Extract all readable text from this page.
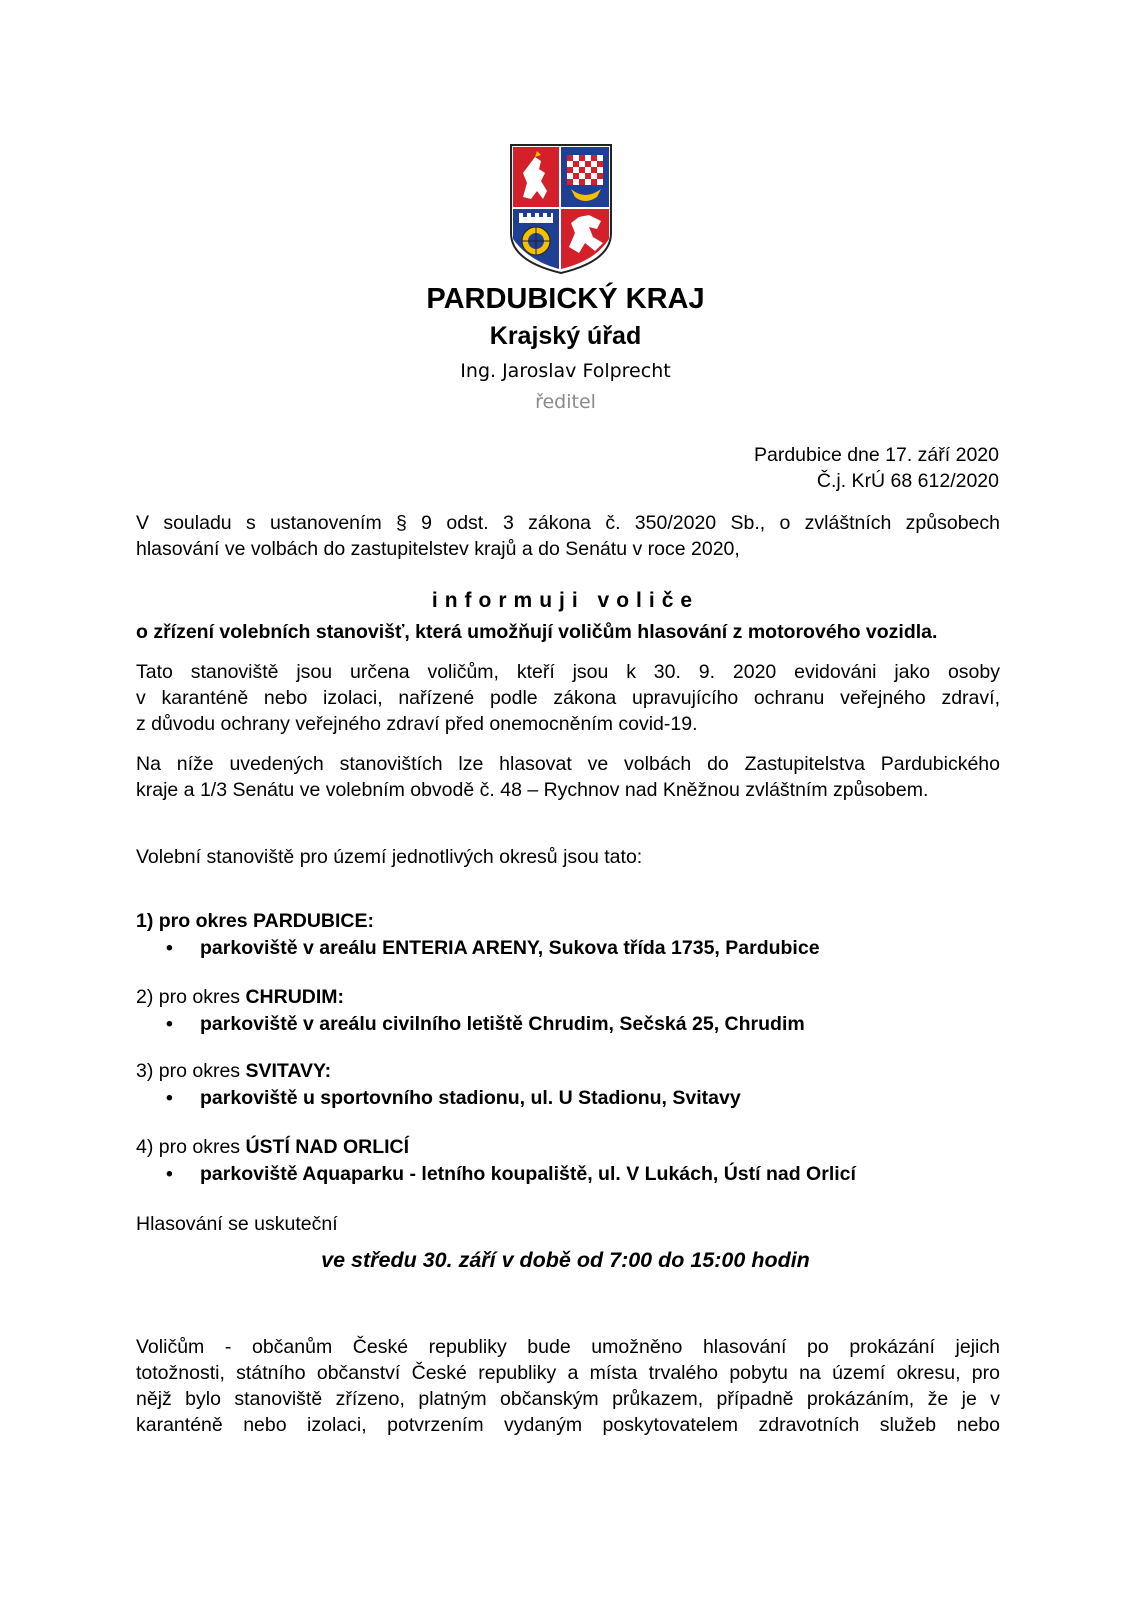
PARDUBICKÝ KRAJ
Krajský úřad
Ing. Jaroslav Folprecht
ředitel
Pardubice dne 17. září 2020
Č.j. KrÚ 68 612/2020
V souladu s ustanovením § 9 odst. 3 zákona č. 350/2020 Sb., o zvláštních způsobech
hlasování ve volbách do zastupitelstev krajů a do Senátu v roce 2020,
informuji voliče
o zřízení volebních stanovišť, která umožňují voličům hlasování z motorového vozidla.
Tato stanoviště jsou určena voličům, kteří jsou k 30. 9. 2020 evidováni jako osoby
v karanténě nebo izolaci, nařízené podle zákona upravujícího ochranu veřejného zdraví,
z důvodu ochrany veřejného zdraví před onemocněním covid-19.
Na níže uvedených stanovištích lze hlasovat ve volbách do Zastupitelstva Pardubického
kraje a 1/3 Senátu ve volebním obvodě č. 48 – Rychnov nad Kněžnou zvláštním způsobem.
Volební stanoviště pro území jednotlivých okresů jsou tato:
1) pro okres PARDUBICE:
• parkoviště v areálu ENTERIA ARENY, Sukova třída 1735, Pardubice
2) pro okres CHRUDIM:
• parkoviště v areálu civilního letiště Chrudim, Sečská 25, Chrudim
3) pro okres SVITAVY:
• parkoviště u sportovního stadionu, ul. U Stadionu, Svitavy
4) pro okres ÚSTÍ NAD ORLICÍ
• parkoviště Aquaparku - letního koupaliště, ul. V Lukách, Ústí nad Orlicí
Hlasování se uskuteční
ve středu 30. září v době od 7:00 do 15:00 hodin
Voličům - občanům České republiky bude umožněno hlasování po prokázání jejich
totožnosti, státního občanství České republiky a místa trvalého pobytu na území okresu, pro
nějž bylo stanoviště zřízeno, platným občanským průkazem, případně prokázáním, že je v
karanténě nebo izolaci, potvrzením vydaným poskytovatelem zdravotních služeb nebo
